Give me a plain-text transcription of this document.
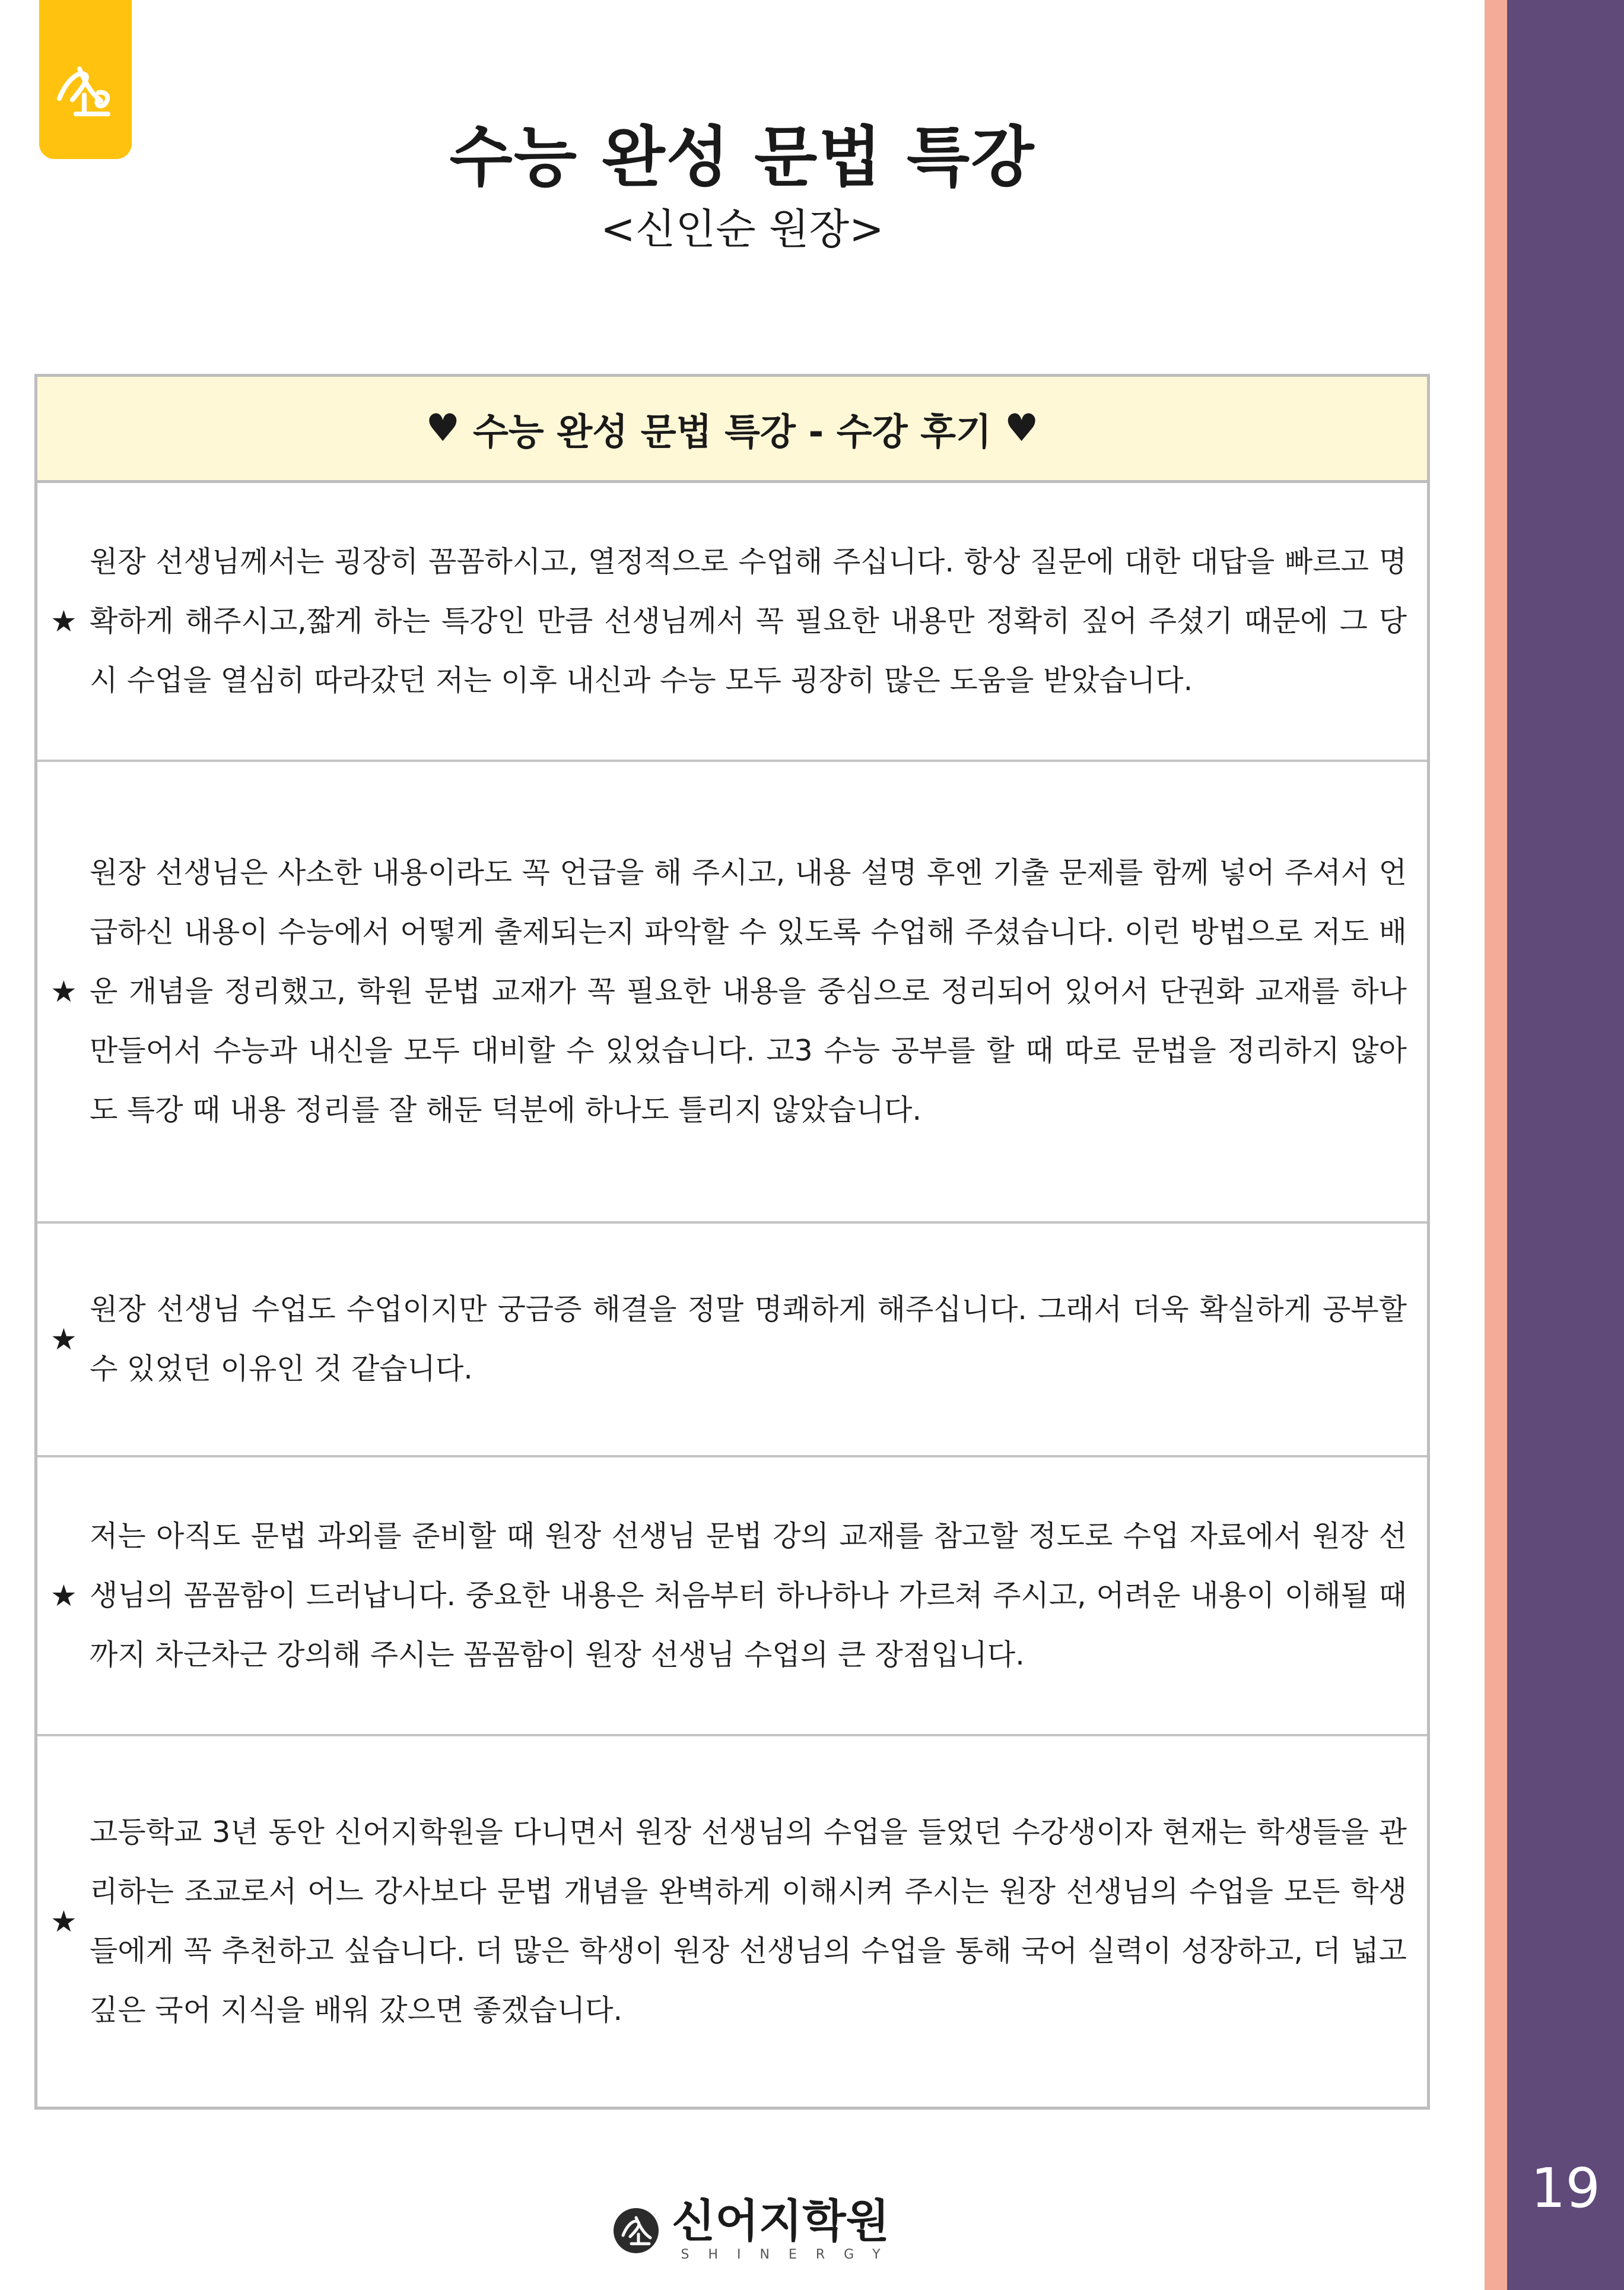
19
수능 완성 문법 특강
<신인순 원장>
♥ 수능 완성 문법 특강 - 수강 후기 ♥
★
원장 선생님께서는 굉장히 꼼꼼하시고, 열정적으로 수업해 주십니다. 항상 질문에 대한 대답을 빠르고 명확하게 해주시고,짧게 하는 특강인 만큼 선생님께서 꼭 필요한 내용만 정확히 짚어 주셨기 때문에 그 당시 수업을 열심히 따라갔던 저는 이후 내신과 수능 모두 굉장히 많은 도움을 받았습니다.
★
원장 선생님은 사소한 내용이라도 꼭 언급을 해 주시고, 내용 설명 후엔 기출 문제를 함께 넣어 주셔서 언급하신 내용이 수능에서 어떻게 출제되는지 파악할 수 있도록 수업해 주셨습니다. 이런 방법으로 저도 배운 개념을 정리했고, 학원 문법 교재가 꼭 필요한 내용을 중심으로 정리되어 있어서 단권화 교재를 하나 만들어서 수능과 내신을 모두 대비할 수 있었습니다. 고3 수능 공부를 할 때 따로 문법을 정리하지 않아도 특강 때 내용 정리를 잘 해둔 덕분에 하나도 틀리지 않았습니다.
★
원장 선생님 수업도 수업이지만 궁금증 해결을 정말 명쾌하게 해주십니다. 그래서 더욱 확실하게 공부할 수 있었던 이유인 것 같습니다.
★
저는 아직도 문법 과외를 준비할 때 원장 선생님 문법 강의 교재를 참고할 정도로 수업 자료에서 원장 선생님의 꼼꼼함이 드러납니다. 중요한 내용은 처음부터 하나하나 가르쳐 주시고, 어려운 내용이 이해될 때까지 차근차근 강의해 주시는 꼼꼼함이 원장 선생님 수업의 큰 장점입니다.
★
고등학교 3년 동안 신어지학원을 다니면서 원장 선생님의 수업을 들었던 수강생이자 현재는 학생들을 관리하는 조교로서 어느 강사보다 문법 개념을 완벽하게 이해시켜 주시는 원장 선생님의 수업을 모든 학생들에게 꼭 추천하고 싶습니다. 더 많은 학생이 원장 선생님의 수업을 통해 국어 실력이 성장하고, 더 넓고 깊은 국어 지식을 배워 갔으면 좋겠습니다.
신어지학원
SHINERGY
